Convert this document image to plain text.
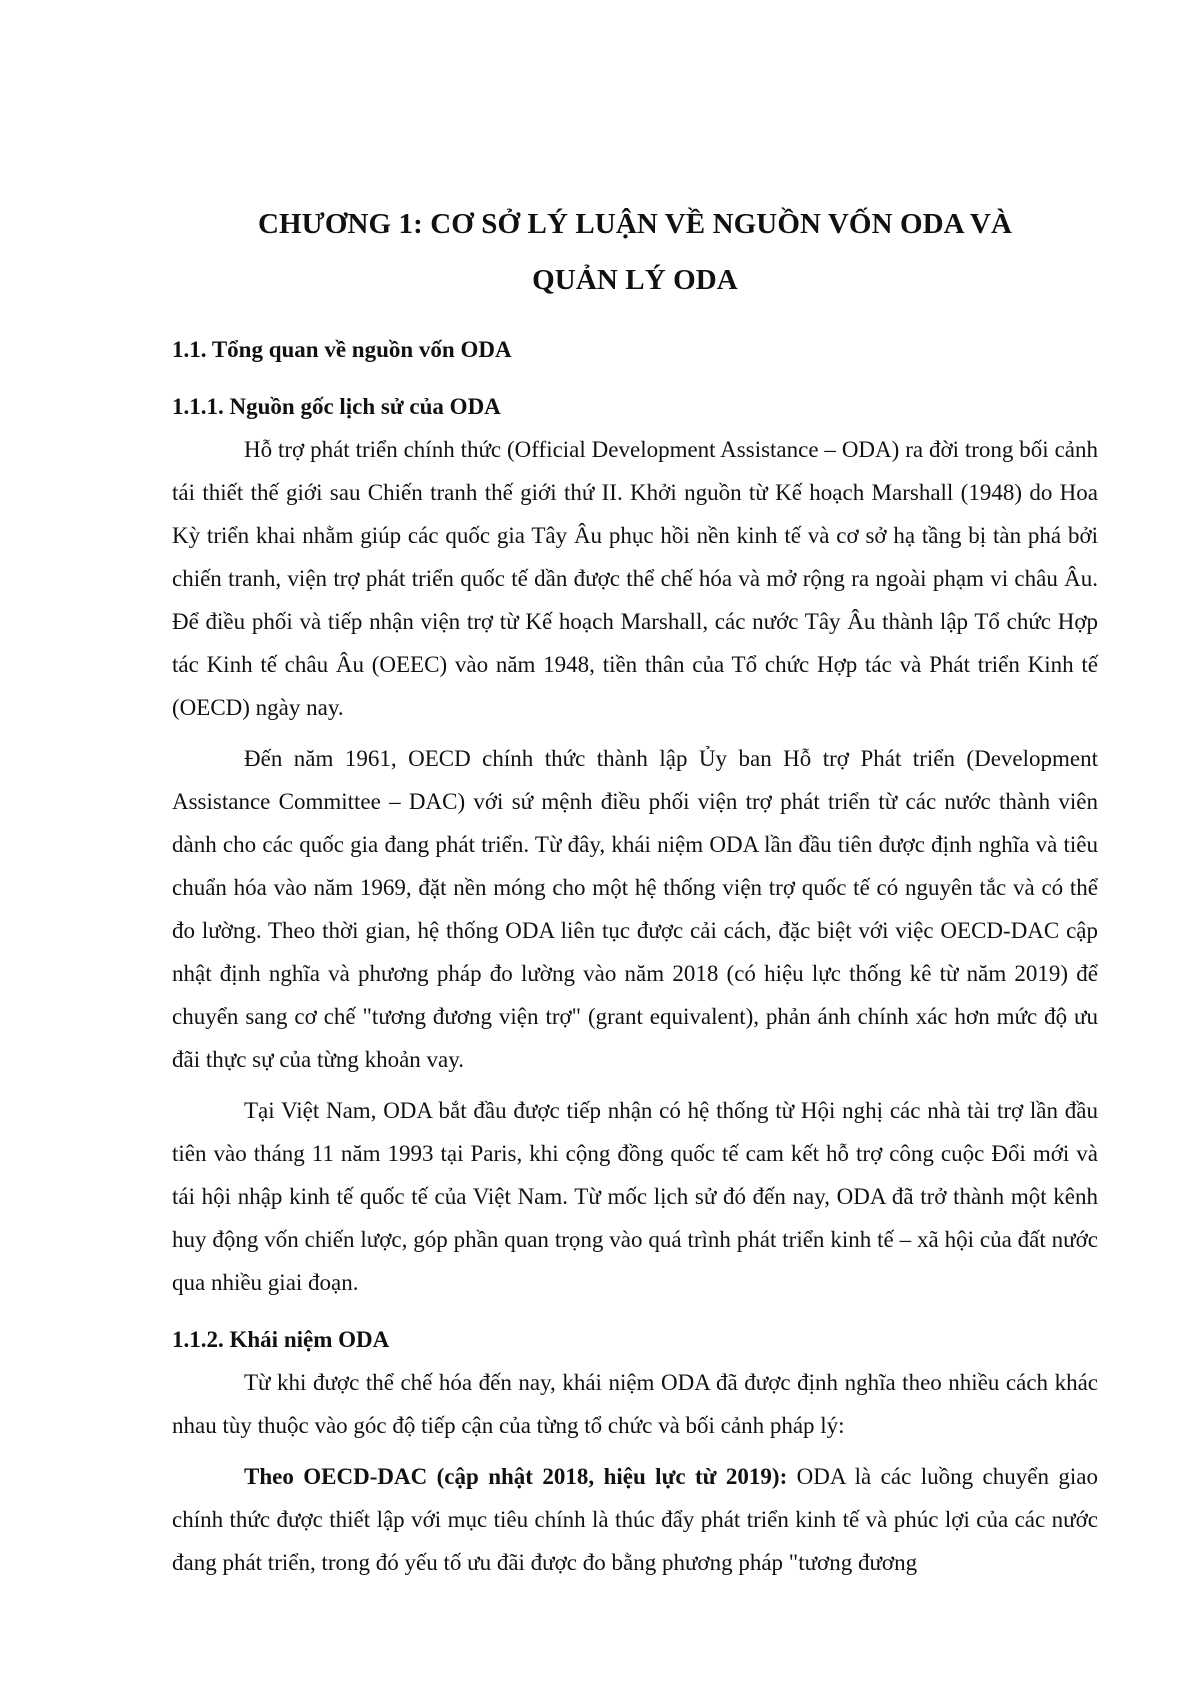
CHƯƠNG 1: CƠ SỞ LÝ LUẬN VỀ NGUỒN VỐN ODA VÀ
QUẢN LÝ ODA
1.1. Tổng quan về nguồn vốn ODA
1.1.1. Nguồn gốc lịch sử của ODA

Hỗ trợ phát triển chính thức (Official Development Assistance – ODA) ra đời trong bối cảnh tái thiết thế giới sau Chiến tranh thế giới thứ II. Khởi nguồn từ Kế hoạch Marshall (1948) do Hoa Kỳ triển khai nhằm giúp các quốc gia Tây Âu phục hồi nền kinh tế và cơ sở hạ tầng bị tàn phá bởi chiến tranh, viện trợ phát triển quốc tế dần được thể chế hóa và mở rộng ra ngoài phạm vi châu Âu. Để điều phối và tiếp nhận viện trợ từ Kế hoạch Marshall, các nước Tây Âu thành lập Tổ chức Hợp tác Kinh tế châu Âu (OEEC) vào năm 1948, tiền thân của Tổ chức Hợp tác và Phát triển Kinh tế (OECD) ngày nay.

Đến năm 1961, OECD chính thức thành lập Ủy ban Hỗ trợ Phát triển (Development Assistance Committee – DAC) với sứ mệnh điều phối viện trợ phát triển từ các nước thành viên dành cho các quốc gia đang phát triển. Từ đây, khái niệm ODA lần đầu tiên được định nghĩa và tiêu chuẩn hóa vào năm 1969, đặt nền móng cho một hệ thống viện trợ quốc tế có nguyên tắc và có thể đo lường. Theo thời gian, hệ thống ODA liên tục được cải cách, đặc biệt với việc OECD-DAC cập nhật định nghĩa và phương pháp đo lường vào năm 2018 (có hiệu lực thống kê từ năm 2019) để chuyển sang cơ chế "tương đương viện trợ" (grant equivalent), phản ánh chính xác hơn mức độ ưu đãi thực sự của từng khoản vay.

Tại Việt Nam, ODA bắt đầu được tiếp nhận có hệ thống từ Hội nghị các nhà tài trợ lần đầu tiên vào tháng 11 năm 1993 tại Paris, khi cộng đồng quốc tế cam kết hỗ trợ công cuộc Đổi mới và tái hội nhập kinh tế quốc tế của Việt Nam. Từ mốc lịch sử đó đến nay, ODA đã trở thành một kênh huy động vốn chiến lược, góp phần quan trọng vào quá trình phát triển kinh tế – xã hội của đất nước qua nhiều giai đoạn.

1.1.2. Khái niệm ODA

Từ khi được thể chế hóa đến nay, khái niệm ODA đã được định nghĩa theo nhiều cách khác nhau tùy thuộc vào góc độ tiếp cận của từng tổ chức và bối cảnh pháp lý:

Theo OECD-DAC (cập nhật 2018, hiệu lực từ 2019): ODA là các luồng chuyển giao chính thức được thiết lập với mục tiêu chính là thúc đẩy phát triển kinh tế và phúc lợi của các nước đang phát triển, trong đó yếu tố ưu đãi được đo bằng phương pháp "tương đương
